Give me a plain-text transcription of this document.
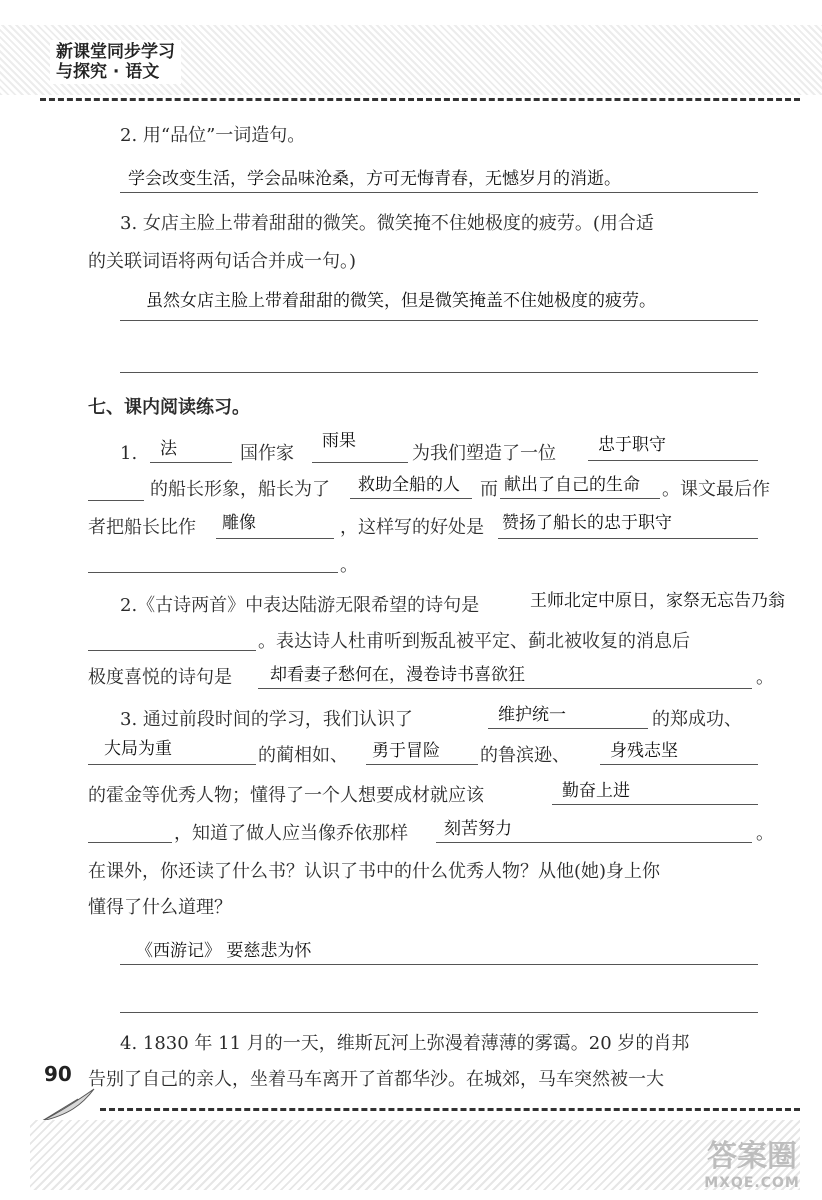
新课堂同步学习
与探究 · 语文
2. 用“品位”一词造句。
学会改变生活，学会品味沧桑，方可无悔青春，无憾岁月的消逝。
3. 女店主脸上带着甜甜的微笑。微笑掩不住她极度的疲劳。(用合适
的关联词语将两句话合并成一句。)
虽然女店主脸上带着甜甜的微笑，但是微笑掩盖不住她极度的疲劳。
七、课内阅读练习。
1. 法	国作家
雨果
为我们塑造了一位 忠于职守
的船长形象，船长为了 救助全船的人 而 献出了自己的生命 。课文最后作
者把船长比作 雕像	，这样写的好处是 赞扬了船长的忠于职守
。
2.《古诗两首》中表达陆游无限希望的诗句是	王师北定中原日，家祭无忘告乃翁
。表达诗人杜甫听到叛乱被平定、蓟北被收复的消息后
极度喜悦的诗句是 却看妻子愁何在，漫卷诗书喜欲狂	。
3. 通过前段时间的学习，我们认识了	维护统一	的郑成功、
大局为重	的蔺相如、 勇于冒险 的鲁滨逊、 身残志坚
的霍金等优秀人物；懂得了一个人想要成材就应该	勤奋上进
，知道了做人应当像乔依那样 刻苦努力	。
在课外，你还读了什么书？认识了书中的什么优秀人物？从他(她)身上你
懂得了什么道理？
《西游记》 要慈悲为怀
4. 1830 年 11 月的一天，维斯瓦河上弥漫着薄薄的雾霭。20 岁的肖邦
告别了自己的亲人，坐着马车离开了首都华沙。在城郊，马车突然被一大
90
答案圈
MXQE.COM
